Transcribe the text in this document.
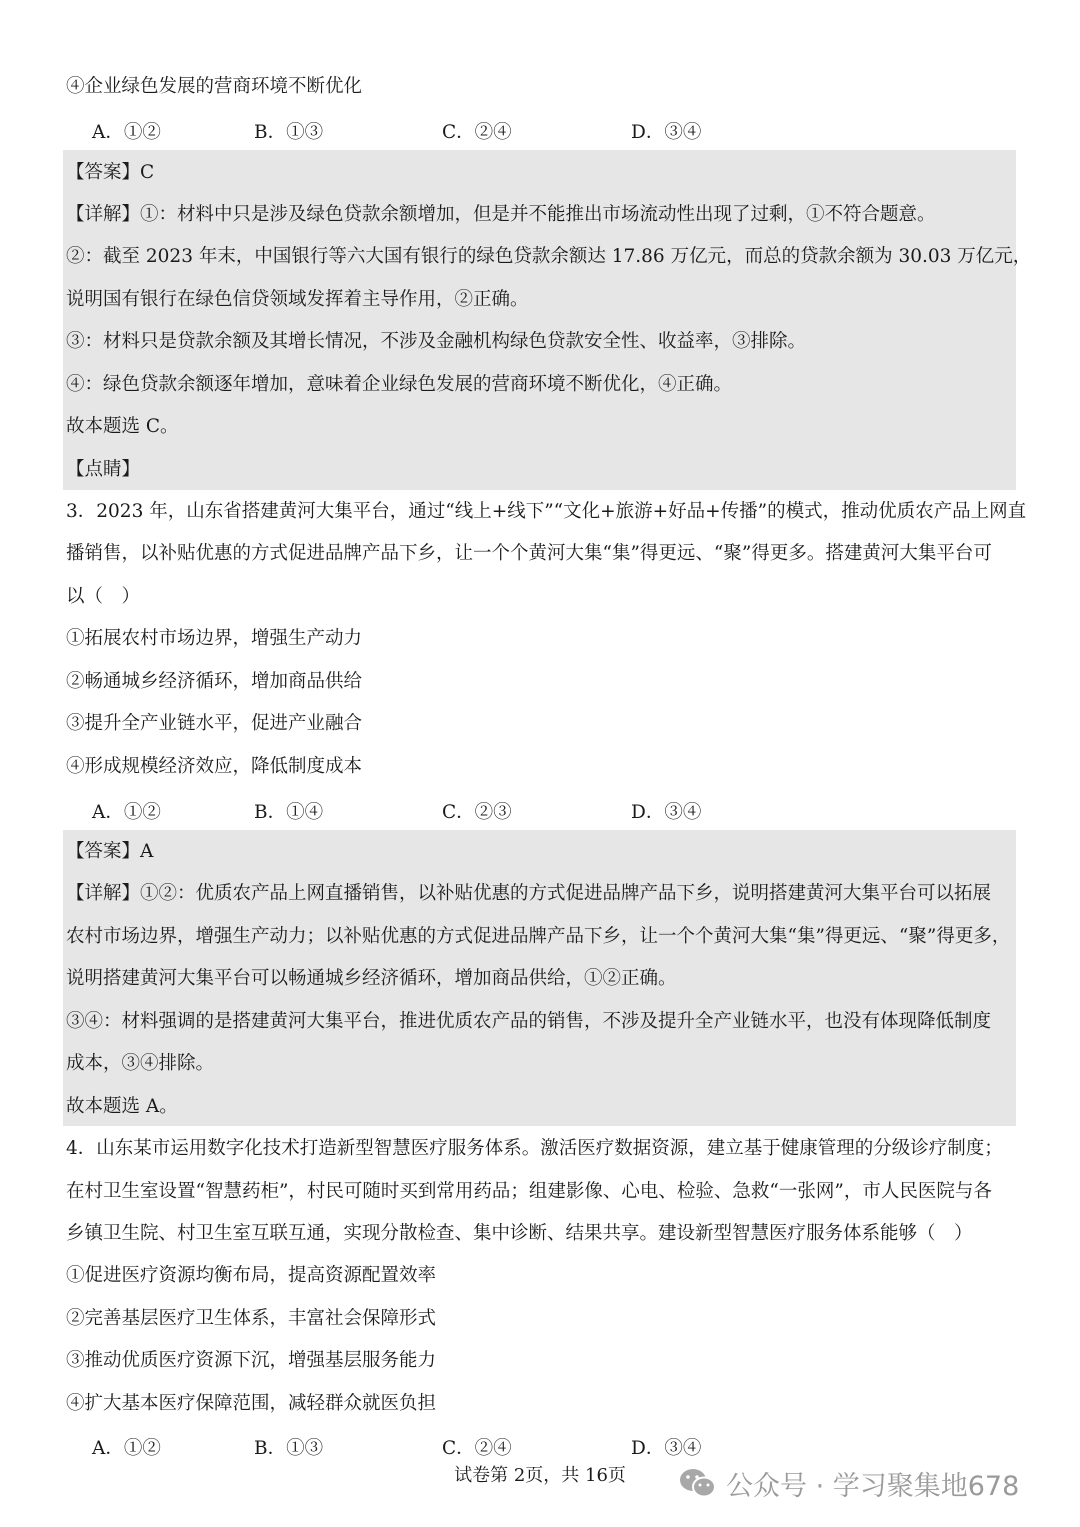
④企业绿色发展的营商环境不断优化
A．①②	B．①③	C．②④	D．③④
【答案】C
【详解】①：材料中只是涉及绿色贷款余额增加，但是并不能推出市场流动性出现了过剩，①不符合题意。
②：截至 2023 年末，中国银行等六大国有银行的绿色贷款余额达 17.86 万亿元，而总的贷款余额为 30.03 万亿元，
说明国有银行在绿色信贷领域发挥着主导作用，②正确。
③：材料只是贷款余额及其增长情况，不涉及金融机构绿色贷款安全性、收益率，③排除。
④：绿色贷款余额逐年增加，意味着企业绿色发展的营商环境不断优化，④正确。
故本题选 C。
【点睛】
3．2023 年，山东省搭建黄河大集平台，通过“线上+线下”“文化+旅游+好品+传播”的模式，推动优质农产品上网直
播销售，以补贴优惠的方式促进品牌产品下乡，让一个个黄河大集“集”得更远、“聚”得更多。搭建黄河大集平台可
以（　）
①拓展农村市场边界，增强生产动力
②畅通城乡经济循环，增加商品供给
③提升全产业链水平，促进产业融合
④形成规模经济效应，降低制度成本
A．①②	B．①④	C．②③	D．③④
【答案】A
【详解】①②：优质农产品上网直播销售，以补贴优惠的方式促进品牌产品下乡，说明搭建黄河大集平台可以拓展
农村市场边界，增强生产动力；以补贴优惠的方式促进品牌产品下乡，让一个个黄河大集“集”得更远、“聚”得更多，
说明搭建黄河大集平台可以畅通城乡经济循环，增加商品供给，①②正确。
③④：材料强调的是搭建黄河大集平台，推进优质农产品的销售，不涉及提升全产业链水平，也没有体现降低制度
成本，③④排除。
故本题选 A。
4．山东某市运用数字化技术打造新型智慧医疗服务体系。激活医疗数据资源，建立基于健康管理的分级诊疗制度；
在村卫生室设置“智慧药柜”，村民可随时买到常用药品；组建影像、心电、检验、急救“一张网”，市人民医院与各
乡镇卫生院、村卫生室互联互通，实现分散检查、集中诊断、结果共享。建设新型智慧医疗服务体系能够（　）
①促进医疗资源均衡布局，提高资源配置效率
②完善基层医疗卫生体系，丰富社会保障形式
③推动优质医疗资源下沉，增强基层服务能力
④扩大基本医疗保障范围，减轻群众就医负担
A．①②	B．①③	C．②④	D．③④
试卷第 2页，共 16页	公众号 · 学习聚集地678
